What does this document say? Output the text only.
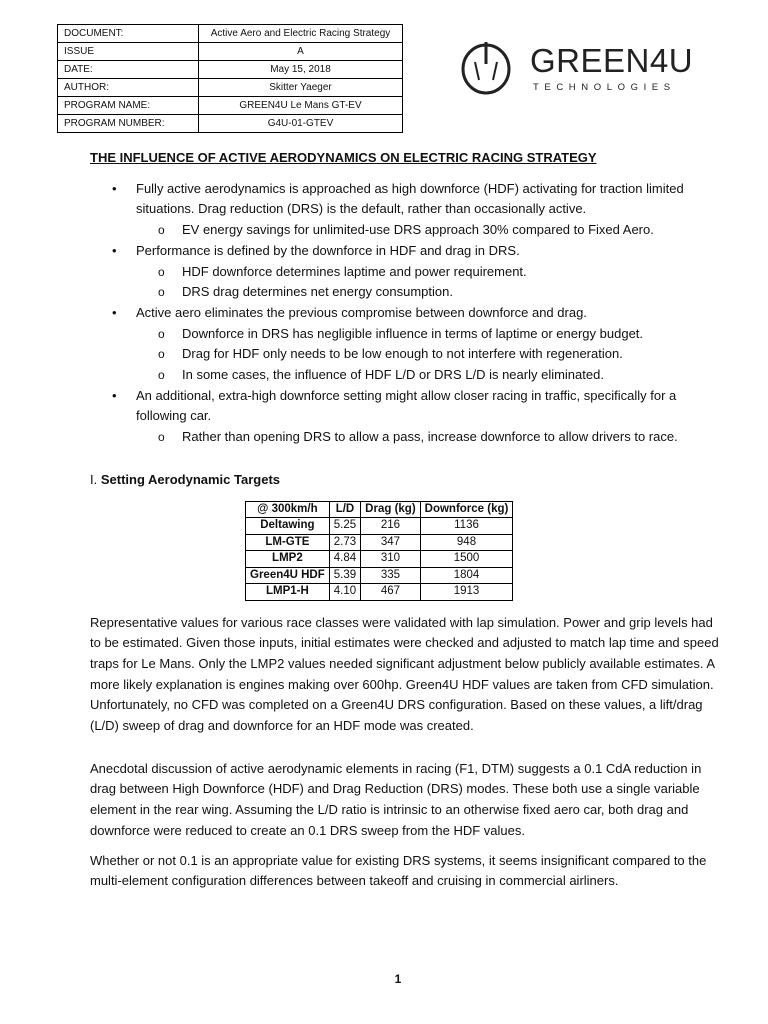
DOCUMENT:	Active Aero and Electric Racing Strategy
ISSUE	A
DATE:	May 15, 2018
AUTHOR:	Skitter Yaeger
PROGRAM NAME:	GREEN4U Le Mans GT-EV
PROGRAM NUMBER:	G4U-01-GTEV
GREEN4U
TECHNOLOGIES
THE INFLUENCE OF ACTIVE AERODYNAMICS ON ELECTRIC RACING STRATEGY
• Fully active aerodynamics is approached as high downforce (HDF) activating for traction limited situations. Drag reduction (DRS) is the default, rather than occasionally active.
o EV energy savings for unlimited-use DRS approach 30% compared to Fixed Aero.
• Performance is defined by the downforce in HDF and drag in DRS.
o HDF downforce determines laptime and power requirement.
o DRS drag determines net energy consumption.
• Active aero eliminates the previous compromise between downforce and drag.
o Downforce in DRS has negligible influence in terms of laptime or energy budget.
o Drag for HDF only needs to be low enough to not interfere with regeneration.
o In some cases, the influence of HDF L/D or DRS L/D is nearly eliminated.
• An additional, extra-high downforce setting might allow closer racing in traffic, specifically for a following car.
o Rather than opening DRS to allow a pass, increase downforce to allow drivers to race.
I. Setting Aerodynamic Targets
@ 300km/h	L/D	Drag (kg)	Downforce (kg)
Deltawing	5.25	216	1136
LM-GTE	2.73	347	948
LMP2	4.84	310	1500
Green4U HDF	5.39	335	1804
LMP1-H	4.10	467	1913

Representative values for various race classes were validated with lap simulation. Power and grip levels had to be estimated. Given those inputs, initial estimates were checked and adjusted to match lap time and speed traps for Le Mans. Only the LMP2 values needed significant adjustment below publicly available estimates. A more likely explanation is engines making over 600hp. Green4U HDF values are taken from CFD simulation. Unfortunately, no CFD was completed on a Green4U DRS configuration. Based on these values, a lift/drag (L/D) sweep of drag and downforce for an HDF mode was created.

Anecdotal discussion of active aerodynamic elements in racing (F1, DTM) suggests a 0.1 CdA reduction in drag between High Downforce (HDF) and Drag Reduction (DRS) modes. These both use a single variable element in the rear wing. Assuming the L/D ratio is intrinsic to an otherwise fixed aero car, both drag and downforce were reduced to create an 0.1 DRS sweep from the HDF values.

Whether or not 0.1 is an appropriate value for existing DRS systems, it seems insignificant compared to the multi-element configuration differences between takeoff and cruising in commercial airliners.

1
